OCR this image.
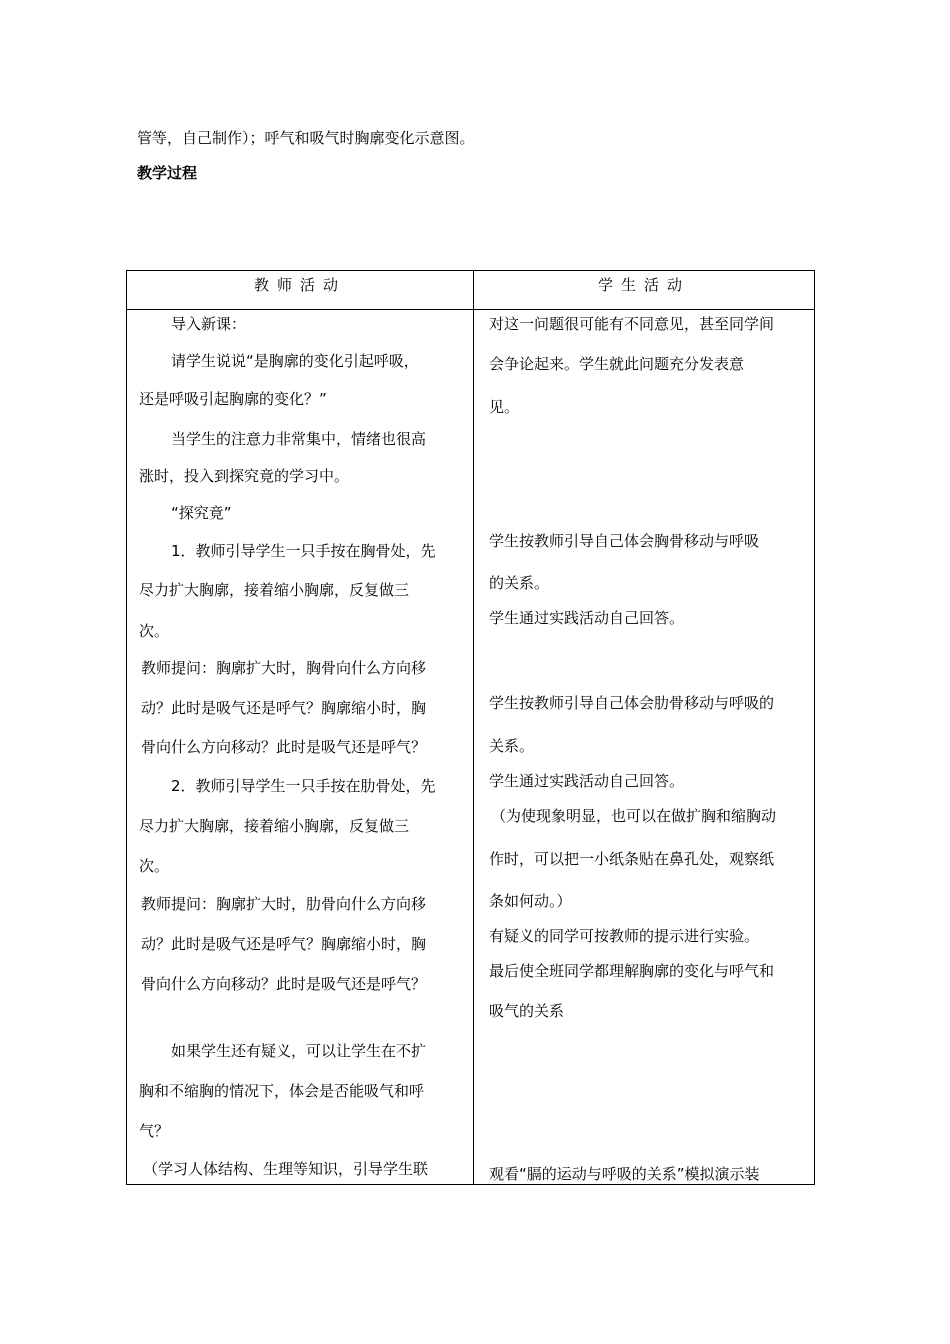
管等，自己制作）；呼气和吸气时胸廓变化示意图。
教学过程
教师活动	学生活动
导入新课：
请学生说说“是胸廓的变化引起呼吸，
还是呼吸引起胸廓的变化？”
当学生的注意力非常集中，情绪也很高
涨时，投入到探究竟的学习中。
“探究竟”
1．教师引导学生一只手按在胸骨处，先
尽力扩大胸廓，接着缩小胸廓，反复做三
次。
教师提问：胸廓扩大时，胸骨向什么方向移
动？此时是吸气还是呼气？胸廓缩小时，胸
骨向什么方向移动？此时是吸气还是呼气？
2．教师引导学生一只手按在肋骨处，先
尽力扩大胸廓，接着缩小胸廓，反复做三
次。
教师提问：胸廓扩大时，肋骨向什么方向移
动？此时是吸气还是呼气？胸廓缩小时，胸
骨向什么方向移动？此时是吸气还是呼气？
如果学生还有疑义，可以让学生在不扩
胸和不缩胸的情况下，体会是否能吸气和呼
气？
（学习人体结构、生理等知识，引导学生联
对这一问题很可能有不同意见，甚至同学间
会争论起来。学生就此问题充分发表意
见。
学生按教师引导自己体会胸骨移动与呼吸
的关系。
学生通过实践活动自己回答。
学生按教师引导自己体会肋骨移动与呼吸的
关系。
学生通过实践活动自己回答。
（为使现象明显，也可以在做扩胸和缩胸动
作时，可以把一小纸条贴在鼻孔处，观察纸
条如何动。）
有疑义的同学可按教师的提示进行实验。
最后使全班同学都理解胸廓的变化与呼气和
吸气的关系
观看“膈的运动与呼吸的关系”模拟演示装
